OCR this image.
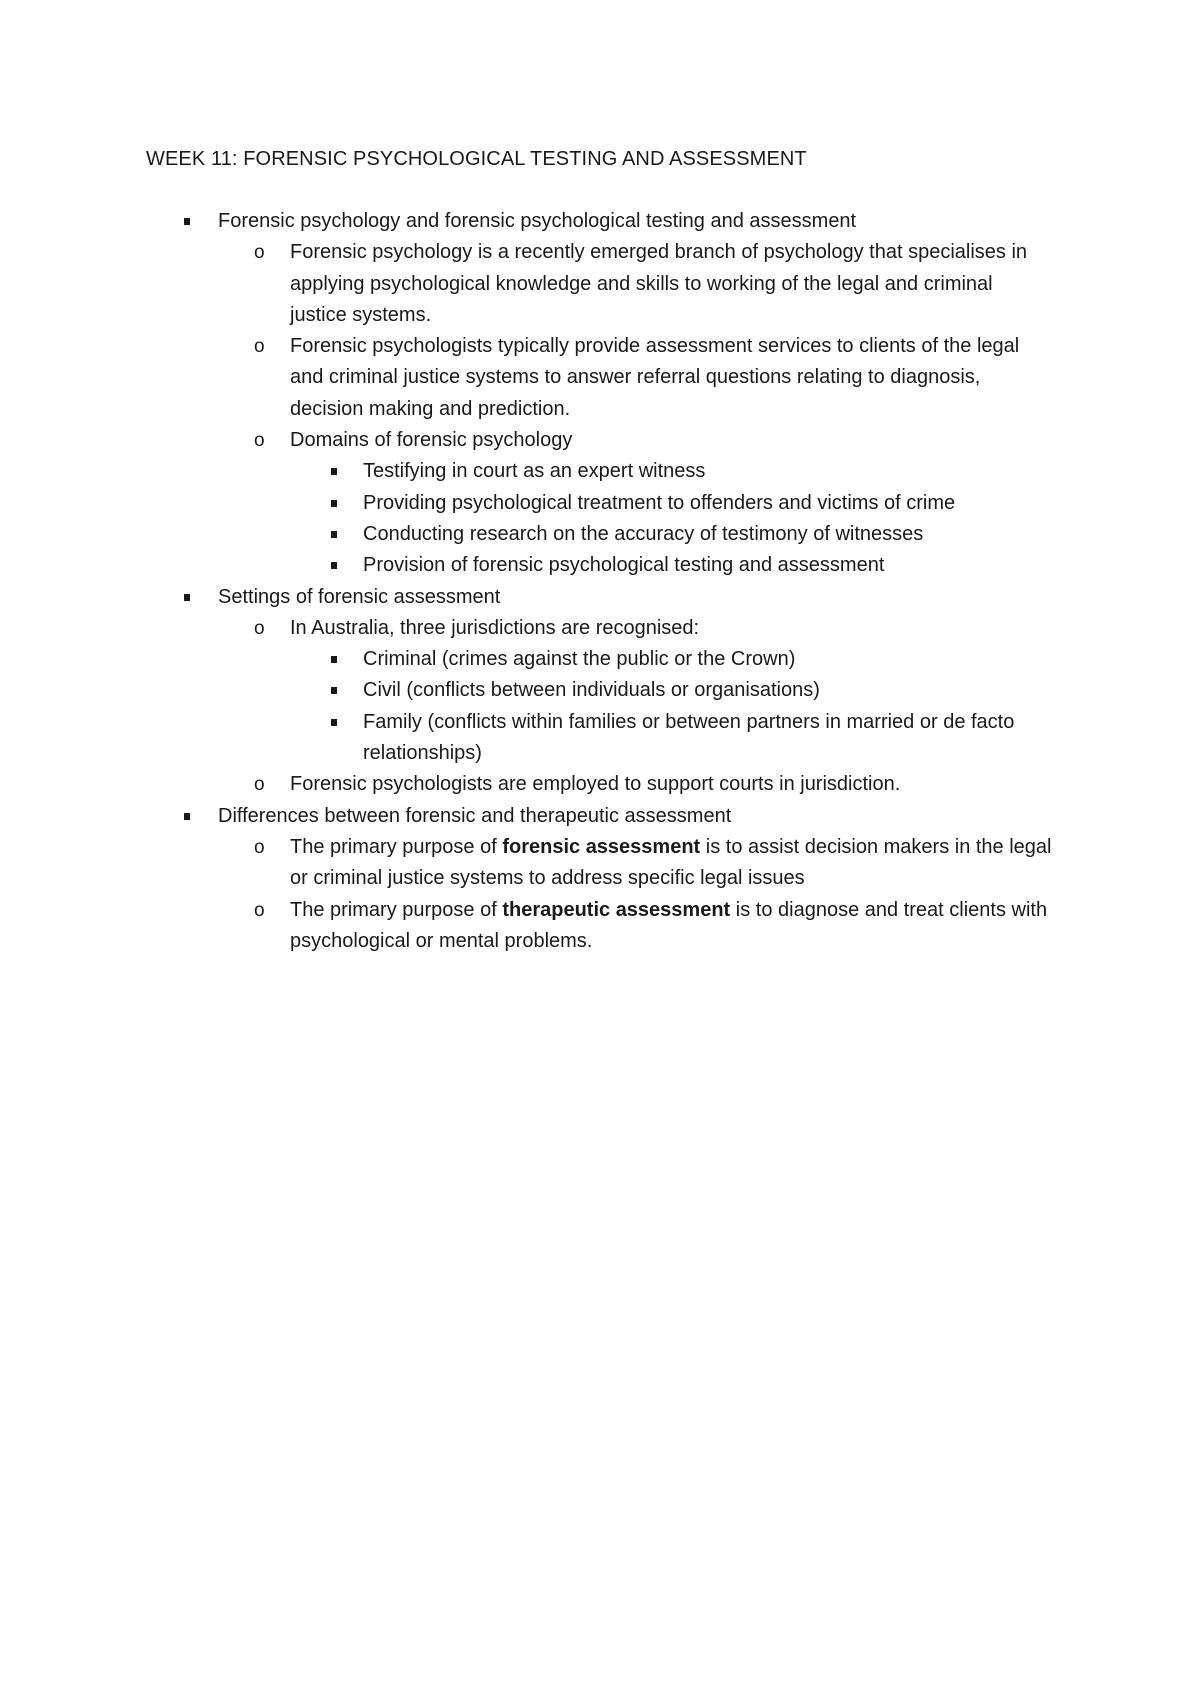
WEEK 11: FORENSIC PSYCHOLOGICAL TESTING AND ASSESSMENT
Forensic psychology and forensic psychological testing and assessment
o Forensic psychology is a recently emerged branch of psychology that specialises in
applying psychological knowledge and skills to working of the legal and criminal
justice systems.
o Forensic psychologists typically provide assessment services to clients of the legal
and criminal justice systems to answer referral questions relating to diagnosis,
decision making and prediction.
o Domains of forensic psychology
Testifying in court as an expert witness
Providing psychological treatment to offenders and victims of crime
Conducting research on the accuracy of testimony of witnesses
Provision of forensic psychological testing and assessment
Settings of forensic assessment
o In Australia, three jurisdictions are recognised:
Criminal (crimes against the public or the Crown)
Civil (conflicts between individuals or organisations)
Family (conflicts within families or between partners in married or de facto
relationships)
o Forensic psychologists are employed to support courts in jurisdiction.
Differences between forensic and therapeutic assessment
o The primary purpose of forensic assessment is to assist decision makers in the legal
or criminal justice systems to address specific legal issues
o The primary purpose of therapeutic assessment is to diagnose and treat clients with
psychological or mental problems.
